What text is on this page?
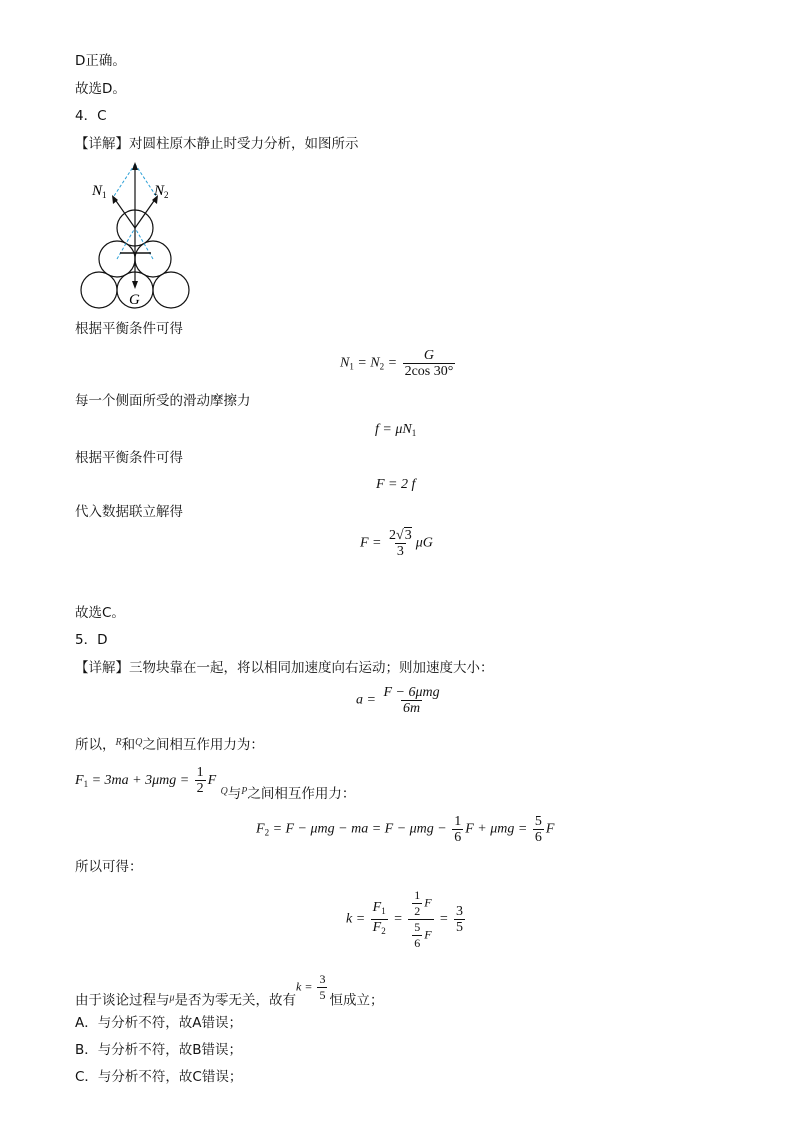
D正确。
故选D。
4．C
【详解】对圆柱原木静止时受力分析，如图所示
$N_1$	$N_2$
G
根据平衡条件可得
$N_1 = N_2 = \frac{G}{2\cos 30^\circ}$
每一个侧面所受的滑动摩擦力
$f = \mu N_1$
根据平衡条件可得
F = 2 f
代入数据联立解得
$F = \frac{2√3}{3}$ μG
故选C。
5．D
【详解】三物块靠在一起，将以相同加速度向右运动；则加速度大小：
$a = \frac{\text{F − 6μmg}}{6m}$
所以，$^R$和$^Q$之间相互作用力为：
$F_1 = 3ma + 3\mu mg = \frac{1}{2}$ F $^Q$与$^P$之间相互作用力：
$F_2 = F - \mu mg$ − ma = $F - \mu mg - \frac{1}{6}$ $F + \mu mg = \frac{5}{6}$ F
所以可得：
$k = \frac{F_1}{F_2} = \frac{\frac{1}{2} F}{\frac{5}{6} F} = \frac{3}{5}$
由于谈论过程与$^\mu$是否为零无关，故有$k = \frac{3}{5}$ 恒成立；
A．与分析不符，故A错误；
B．与分析不符，故B错误；
C．与分析不符，故C错误；
